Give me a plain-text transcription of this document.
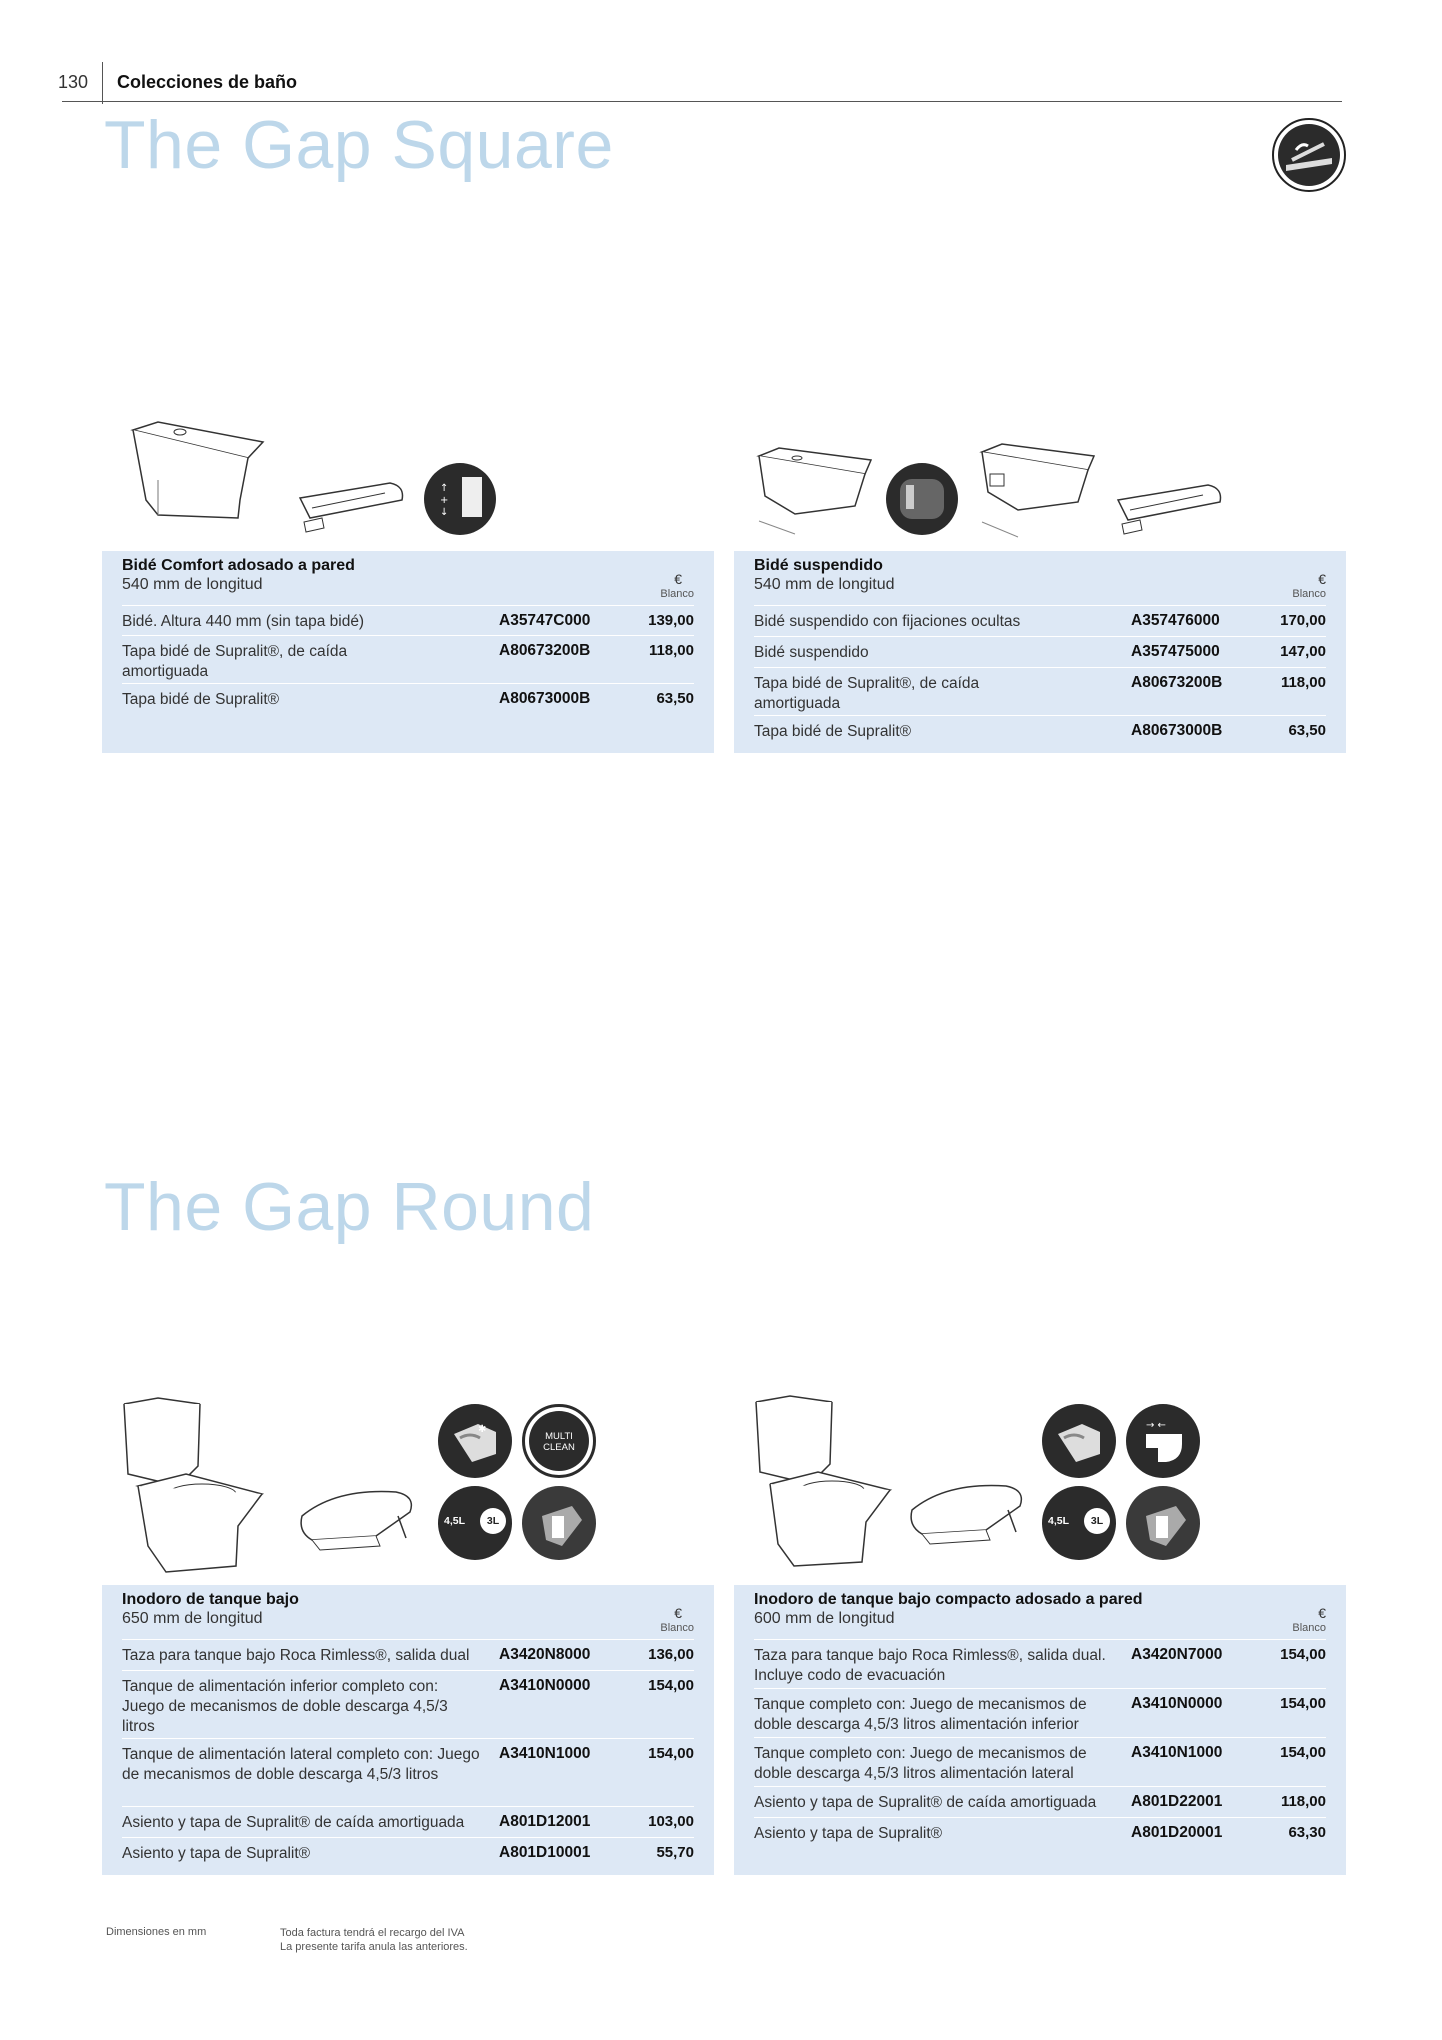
130 Colecciones de baño
The Gap Square
↑
+
↓
Bidé Comfort adosado a pared
540 mm de longitud	€
Blanco
Bidé. Altura 440 mm (sin tapa bidé)	A35747C000	139,00
Tapa bidé de Supralit®, de caída amortiguada
A80673200B	118,00
Tapa bidé de Supralit®	A80673000B	63,50
Bidé suspendido
540 mm de longitud	€
Blanco
Bidé suspendido con fijaciones ocultas	A357476000	170,00
Bidé suspendido	A357475000	147,00
Tapa bidé de Supralit®, de caída amortiguada
A80673200B	118,00
Tapa bidé de Supralit®	A80673000B	63,50
The Gap Round
✱
MULTI CLEAN
4,5L	3L
→ ←
4,5L	3L
Inodoro de tanque bajo
650 mm de longitud	€
Blanco
Taza para tanque bajo Roca Rimless®, salida dual	A3420N8000	136,00
Tanque de alimentación inferior completo con: Juego de mecanismos de doble descarga 4,5/3 litros
A3410N0000	154,00
Tanque de alimentación lateral completo con: Juego de mecanismos de doble descarga 4,5/3 litros
A3410N1000	154,00
Asiento y tapa de Supralit® de caída amortiguada	A801D12001	103,00
Asiento y tapa de Supralit®	A801D10001	55,70
Inodoro de tanque bajo compacto adosado a pared
600 mm de longitud	€
Blanco
Taza para tanque bajo Roca Rimless®, salida dual. Incluye codo de evacuación
A3420N7000	154,00
Tanque completo con: Juego de mecanismos de doble descarga 4,5/3 litros alimentación inferior
A3410N0000	154,00
Tanque completo con: Juego de mecanismos de doble descarga 4,5/3 litros alimentación lateral
A3410N1000	154,00
Asiento y tapa de Supralit® de caída amortiguada	A801D22001	118,00
Asiento y tapa de Supralit®	A801D20001	63,30
Dimensiones en mm	Toda factura tendrá el recargo del IVA
La presente tarifa anula las anteriores.
